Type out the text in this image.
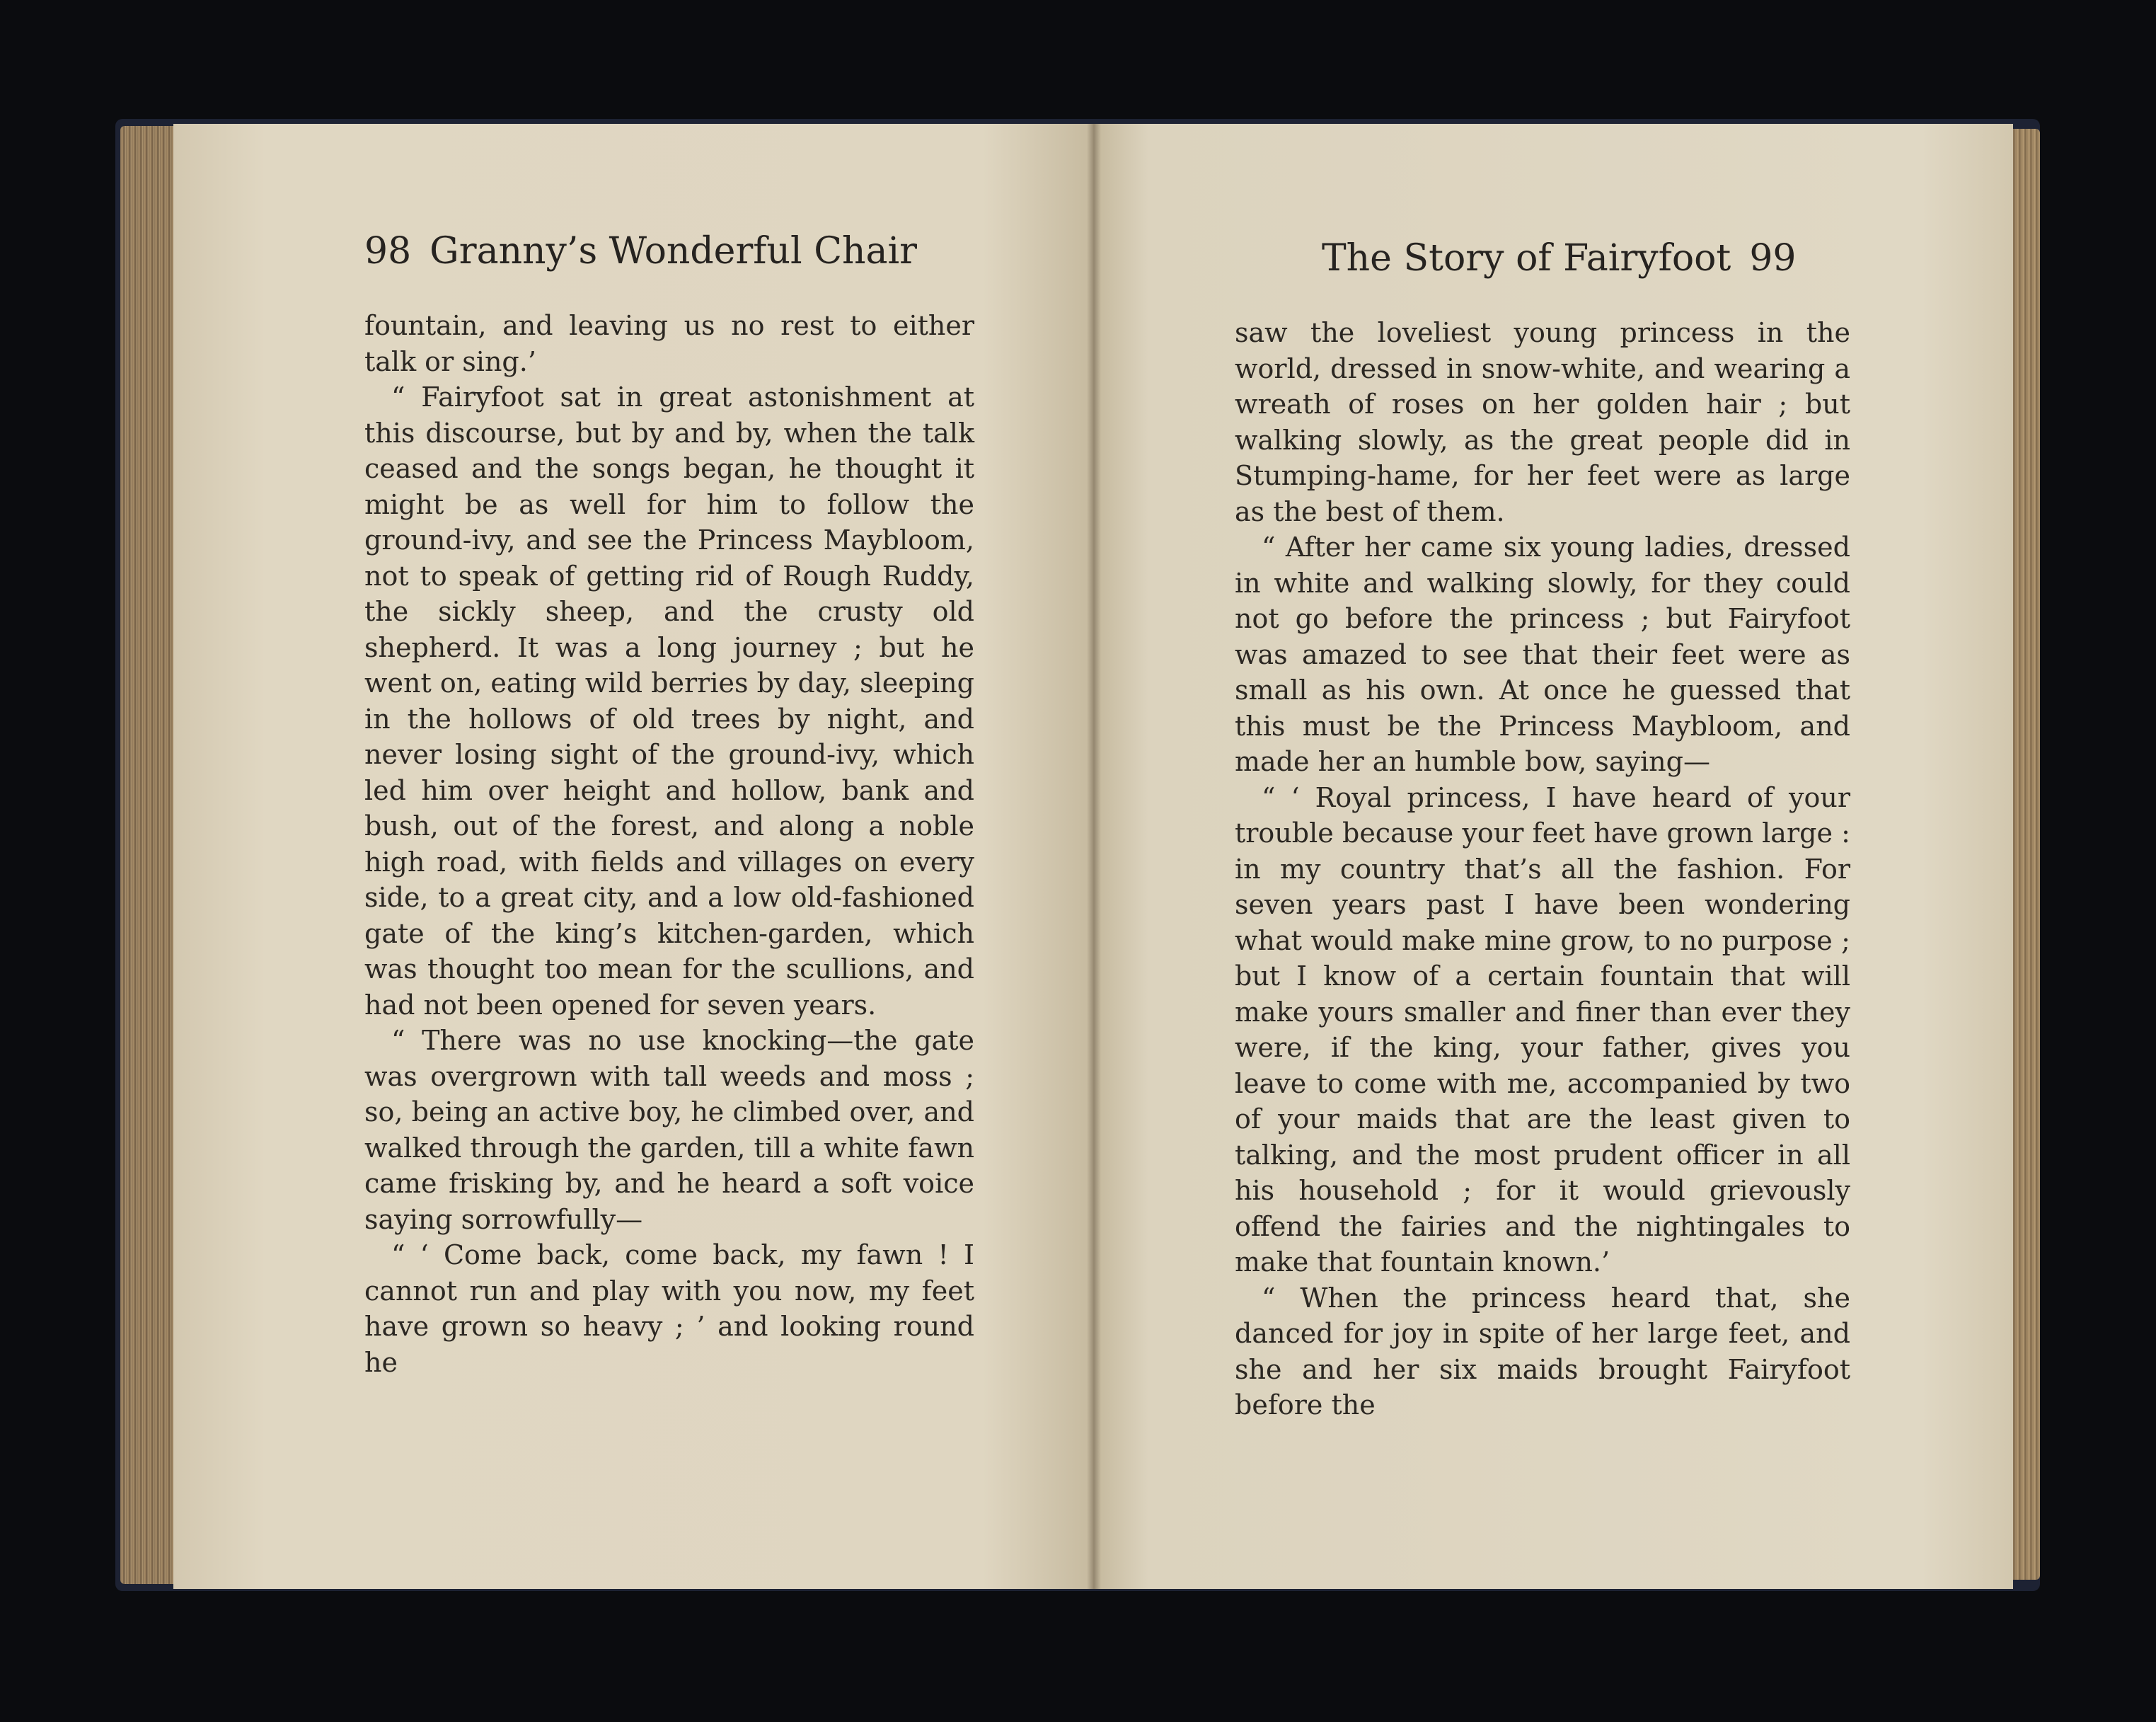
98 Granny’s Wonderful Chair

fountain, and leaving us no rest to either talk or sing.’

“ Fairyfoot sat in great astonishment at this discourse, but by and by, when the talk ceased and the songs began, he thought it might be as well for him to follow the ground-ivy, and see the Princess Maybloom, not to speak of getting rid of Rough Ruddy, the sickly sheep, and the crusty old shepherd. It was a long journey ; but he went on, eating wild berries by day, sleeping in the hollows of old trees by night, and never losing sight of the ground-ivy, which led him over height and hollow, bank and bush, out of the forest, and along a noble high road, with fields and villages on every side, to a great city, and a low old-fashioned gate of the king’s kitchen-garden, which was thought too mean for the scullions, and had not been opened for seven years.

“ There was no use knocking—the gate was overgrown with tall weeds and moss ; so, being an active boy, he climbed over, and walked through the garden, till a white fawn came frisking by, and he heard a soft voice saying sorrowfully—

“ ‘ Come back, come back, my fawn ! I cannot run and play with you now, my feet have grown so heavy ; ’ and looking round he

The Story of Fairyfoot 99

saw the loveliest young princess in the world, dressed in snow-white, and wearing a wreath of roses on her golden hair ; but walking slowly, as the great people did in Stumping-hame, for her feet were as large as the best of them.

“ After her came six young ladies, dressed in white and walking slowly, for they could not go before the princess ; but Fairyfoot was amazed to see that their feet were as small as his own. At once he guessed that this must be the Princess Maybloom, and made her an humble bow, saying—

“ ‘ Royal princess, I have heard of your trouble because your feet have grown large : in my country that’s all the fashion. For seven years past I have been wondering what would make mine grow, to no purpose ; but I know of a certain fountain that will make yours smaller and finer than ever they were, if the king, your father, gives you leave to come with me, accompanied by two of your maids that are the least given to talking, and the most prudent officer in all his household ; for it would grievously offend the fairies and the nightingales to make that fountain known.’

“ When the princess heard that, she danced for joy in spite of her large feet, and she and her six maids brought Fairyfoot before the
